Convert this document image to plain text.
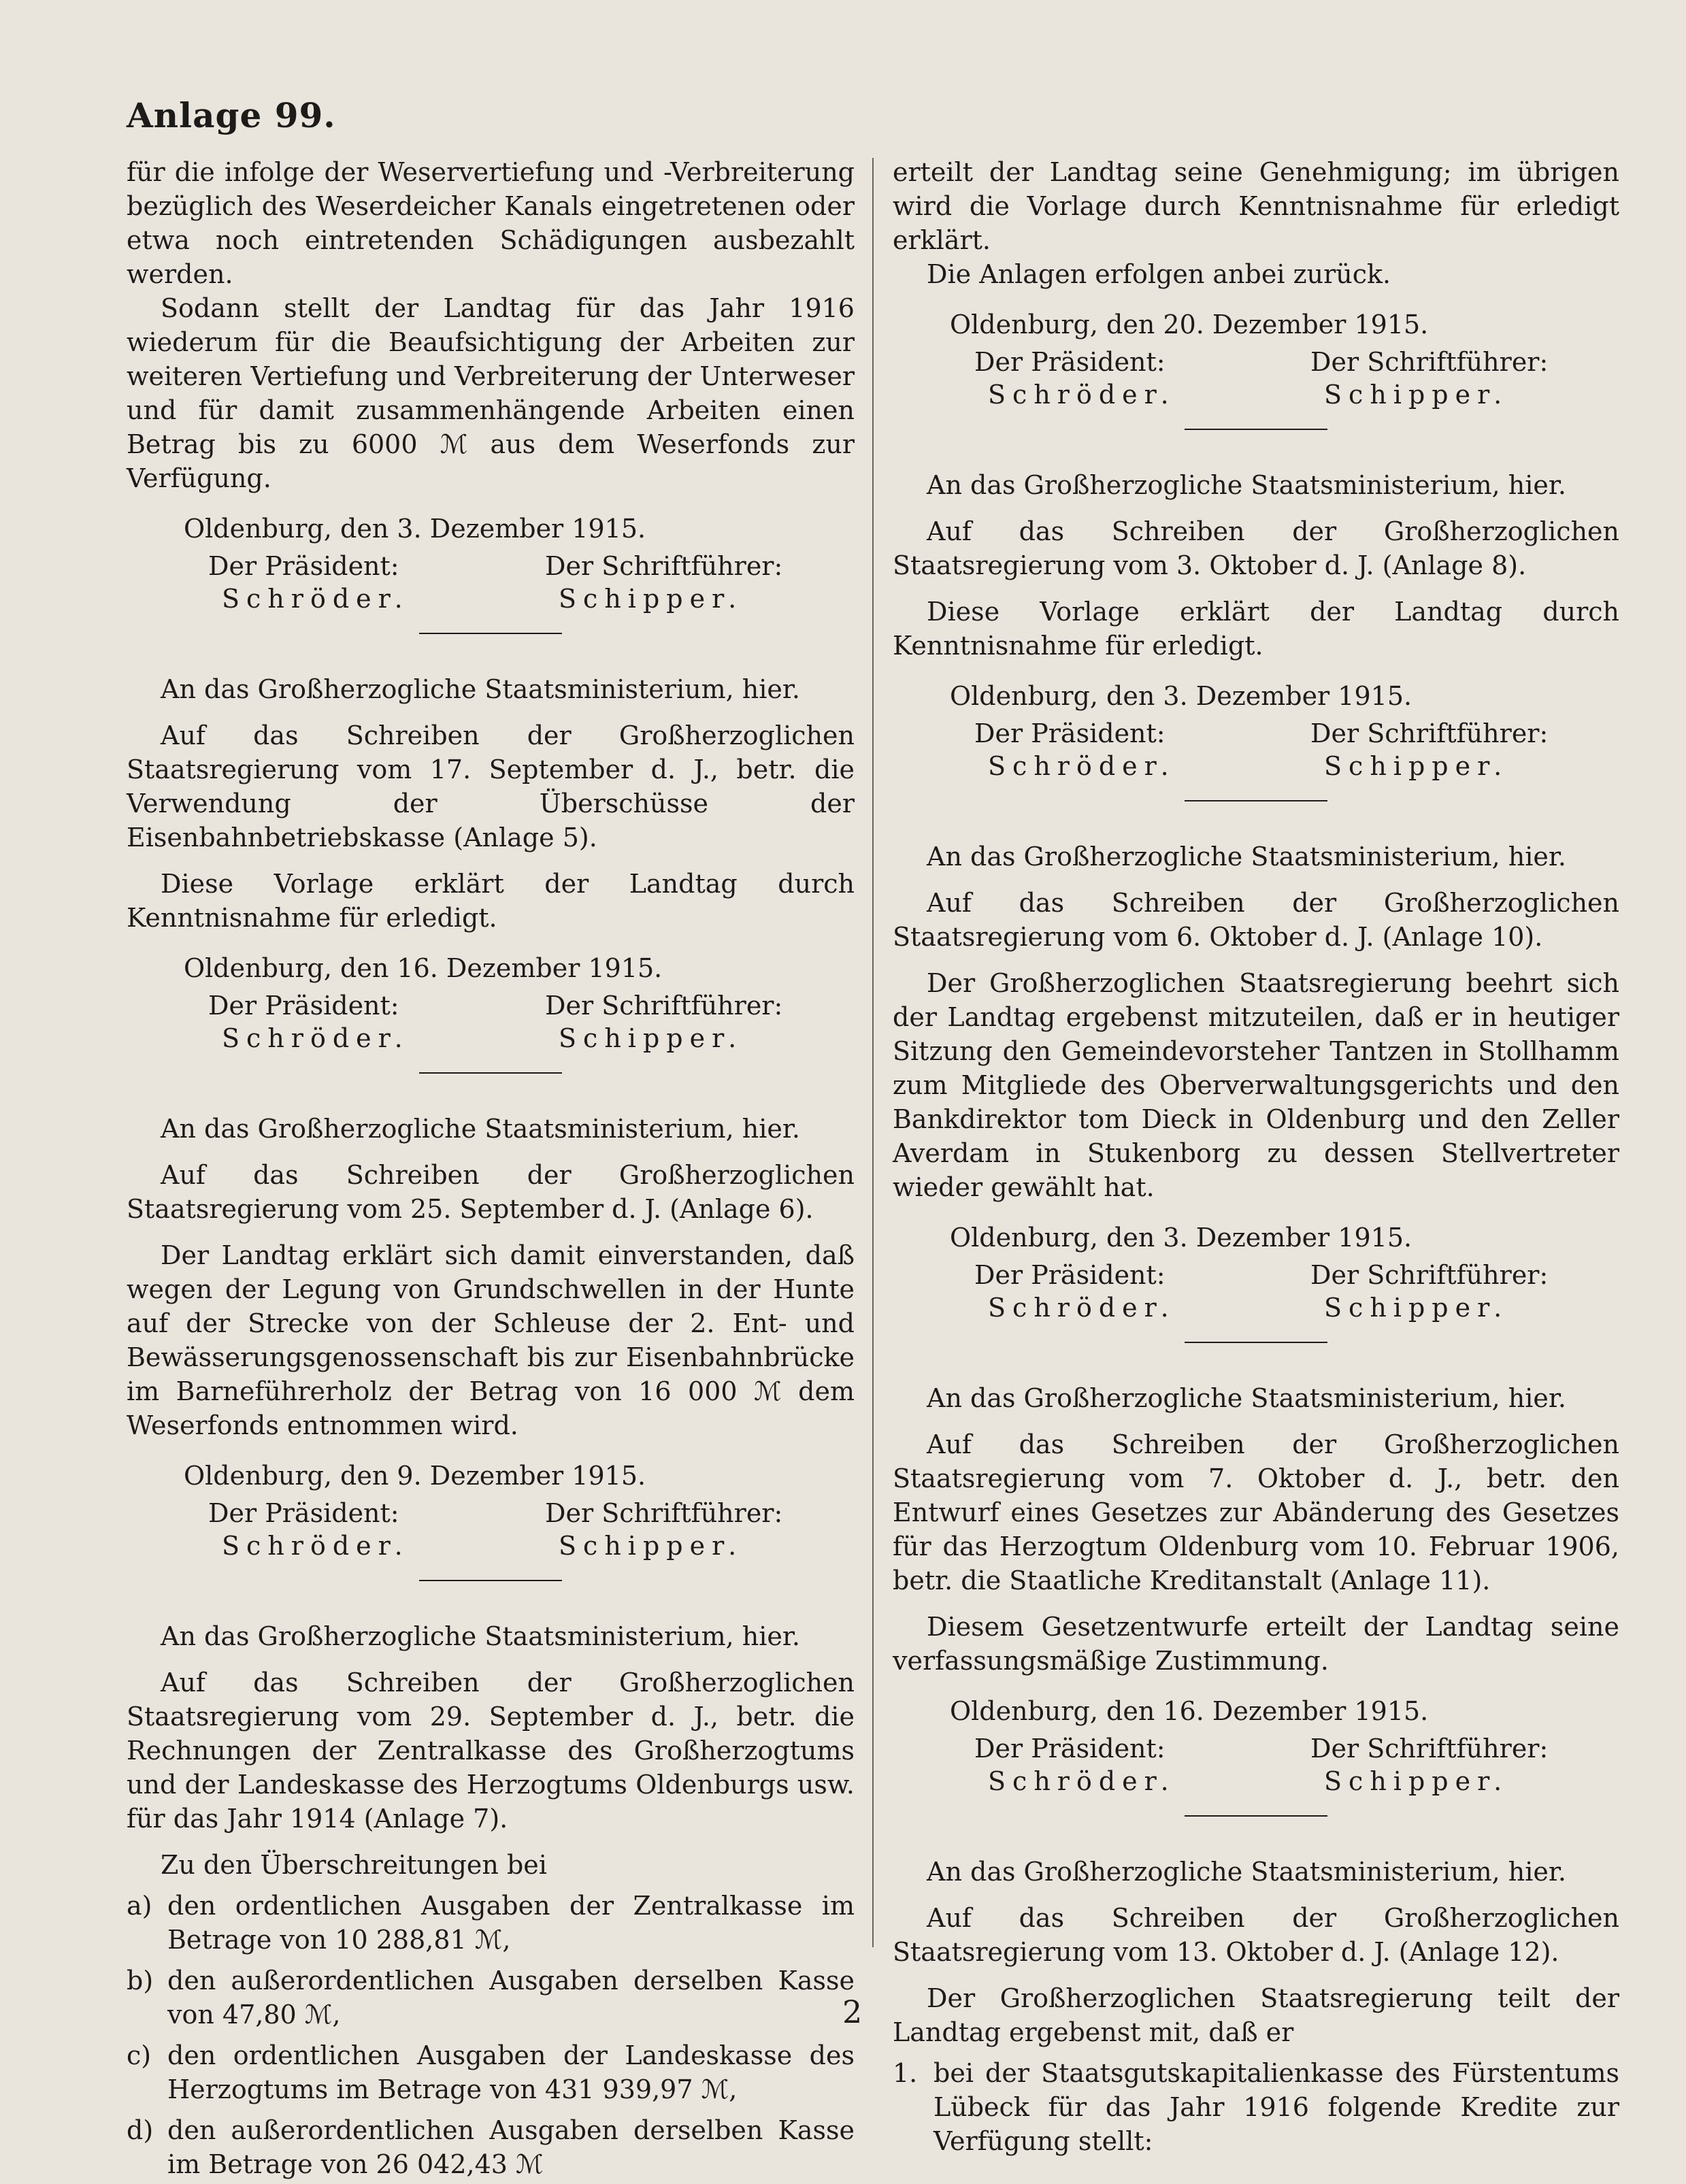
Anlage 99.

für die infolge der Weservertiefung und -Verbreiterung bezüglich des Weserdeicher Kanals eingetretenen oder etwa noch eintretenden Schädigungen ausbezahlt werden.

Sodann stellt der Landtag für das Jahr 1916 wiederum für die Beaufsichtigung der Arbeiten zur weiteren Vertiefung und Verbreiterung der Unterweser und für damit zusammenhängende Arbeiten einen Betrag bis zu 6000 ℳ aus dem Weserfonds zur Verfügung.

Oldenburg, den 3. Dezember 1915.
Der Präsident:
Schröder.
Der Schriftführer:
Schipper.
An das Großherzogliche Staatsministerium, hier.

Auf das Schreiben der Großherzoglichen Staatsregierung vom 17. September d. J., betr. die Verwendung der Überschüsse der Eisenbahnbetriebskasse (Anlage 5).

Diese Vorlage erklärt der Landtag durch Kenntnisnahme für erledigt.

Oldenburg, den 16. Dezember 1915.
Der Präsident:
Schröder.
Der Schriftführer:
Schipper.
An das Großherzogliche Staatsministerium, hier.

Auf das Schreiben der Großherzoglichen Staatsregierung vom 25. September d. J. (Anlage 6).

Der Landtag erklärt sich damit einverstanden, daß wegen der Legung von Grundschwellen in der Hunte auf der Strecke von der Schleuse der 2. Ent- und Bewässerungsgenossenschaft bis zur Eisenbahnbrücke im Barneführerholz der Betrag von 16 000 ℳ dem Weserfonds entnommen wird.

Oldenburg, den 9. Dezember 1915.
Der Präsident:
Schröder.
Der Schriftführer:
Schipper.
An das Großherzogliche Staatsministerium, hier.

Auf das Schreiben der Großherzoglichen Staatsregierung vom 29. September d. J., betr. die Rechnungen der Zentralkasse des Großherzogtums und der Landeskasse des Herzogtums Oldenburgs usw. für das Jahr 1914 (Anlage 7).

Zu den Überschreitungen bei

a) den ordentlichen Ausgaben der Zentralkasse im Betrage von 10 288,81 ℳ,
b) den außerordentlichen Ausgaben derselben Kasse von 47,80 ℳ,
c) den ordentlichen Ausgaben der Landeskasse des Herzogtums im Betrage von 431 939,97 ℳ,
d) den außerordentlichen Ausgaben derselben Kasse im Betrage von 26 042,43 ℳ

erteilt der Landtag seine Genehmigung; im übrigen wird die Vorlage durch Kenntnisnahme für erledigt erklärt.

Die Anlagen erfolgen anbei zurück.

Oldenburg, den 20. Dezember 1915.
Der Präsident:
Schröder.
Der Schriftführer:
Schipper.
An das Großherzogliche Staatsministerium, hier.

Auf das Schreiben der Großherzoglichen Staatsregierung vom 3. Oktober d. J. (Anlage 8).

Diese Vorlage erklärt der Landtag durch Kenntnisnahme für erledigt.

Oldenburg, den 3. Dezember 1915.
Der Präsident:
Schröder.
Der Schriftführer:
Schipper.
An das Großherzogliche Staatsministerium, hier.

Auf das Schreiben der Großherzoglichen Staatsregierung vom 6. Oktober d. J. (Anlage 10).

Der Großherzoglichen Staatsregierung beehrt sich der Landtag ergebenst mitzuteilen, daß er in heutiger Sitzung den Gemeindevorsteher Tantzen in Stollhamm zum Mitgliede des Oberverwaltungsgerichts und den Bankdirektor tom Dieck in Oldenburg und den Zeller Averdam in Stukenborg zu dessen Stellvertreter wieder gewählt hat.

Oldenburg, den 3. Dezember 1915.
Der Präsident:
Schröder.
Der Schriftführer:
Schipper.
An das Großherzogliche Staatsministerium, hier.

Auf das Schreiben der Großherzoglichen Staatsregierung vom 7. Oktober d. J., betr. den Entwurf eines Gesetzes zur Abänderung des Gesetzes für das Herzogtum Oldenburg vom 10. Februar 1906, betr. die Staatliche Kreditanstalt (Anlage 11).

Diesem Gesetzentwurfe erteilt der Landtag seine verfassungsmäßige Zustimmung.

Oldenburg, den 16. Dezember 1915.
Der Präsident:
Schröder.
Der Schriftführer:
Schipper.
An das Großherzogliche Staatsministerium, hier.

Auf das Schreiben der Großherzoglichen Staatsregierung vom 13. Oktober d. J. (Anlage 12).

Der Großherzoglichen Staatsregierung teilt der Landtag ergebenst mit, daß er

1. bei der Staatsgutskapitalienkasse des Fürstentums Lübeck für das Jahr 1916 folgende Kredite zur Verfügung stellt:
2
